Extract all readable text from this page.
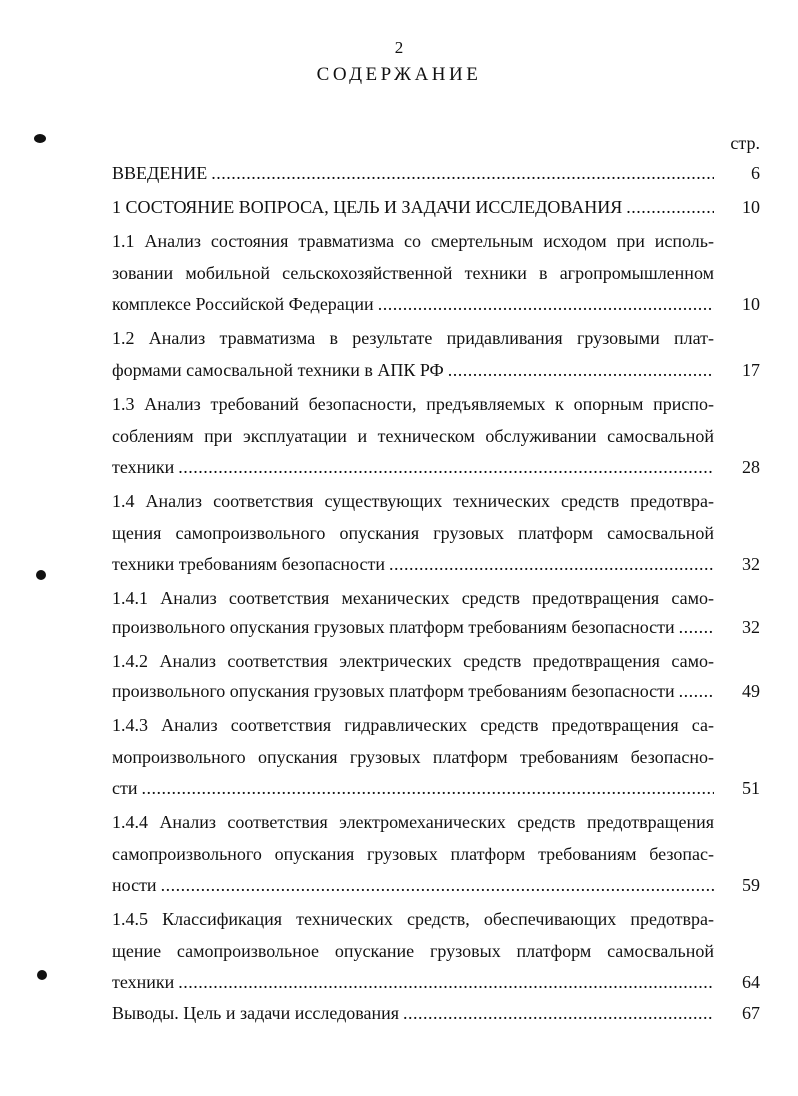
2
СОДЕРЖАНИЕ
стр.
ВВЕДЕНИЕ .....	6
1 СОСТОЯНИЕ ВОПРОСА, ЦЕЛЬ И ЗАДАЧИ ИССЛЕДОВАНИЯ .....	10
1.1 Анализ состояния травматизма со смертельным исходом при исполь-
зовании мобильной сельскохозяйственной техники в агропромышленном
комплексе Российской Федерации .....	10
1.2 Анализ травматизма в результате придавливания грузовыми плат-
формами самосвальной техники в АПК РФ .....	17
1.3 Анализ требований безопасности, предъявляемых к опорным приспо-
соблениям при эксплуатации и техническом обслуживании самосвальной
техники .....	28
1.4 Анализ соответствия существующих технических средств предотвра-
щения самопроизвольного опускания грузовых платформ самосвальной
техники требованиям безопасности .....	32
1.4.1 Анализ соответствия механических средств предотвращения само-
произвольного опускания грузовых платформ требованиям безопасности .....	32
1.4.2 Анализ соответствия электрических средств предотвращения само-
произвольного опускания грузовых платформ требованиям безопасности .....	49
1.4.3 Анализ соответствия гидравлических средств предотвращения са-
мопроизвольного опускания грузовых платформ требованиям безопасно-
сти .....	51
1.4.4 Анализ соответствия электромеханических средств предотвращения
самопроизвольного опускания грузовых платформ требованиям безопас-
ности .....	59
1.4.5 Классификация технических средств, обеспечивающих предотвра-
щение самопроизвольное опускание грузовых платформ самосвальной
техники .....	64
Выводы. Цель и задачи исследования .....	67
